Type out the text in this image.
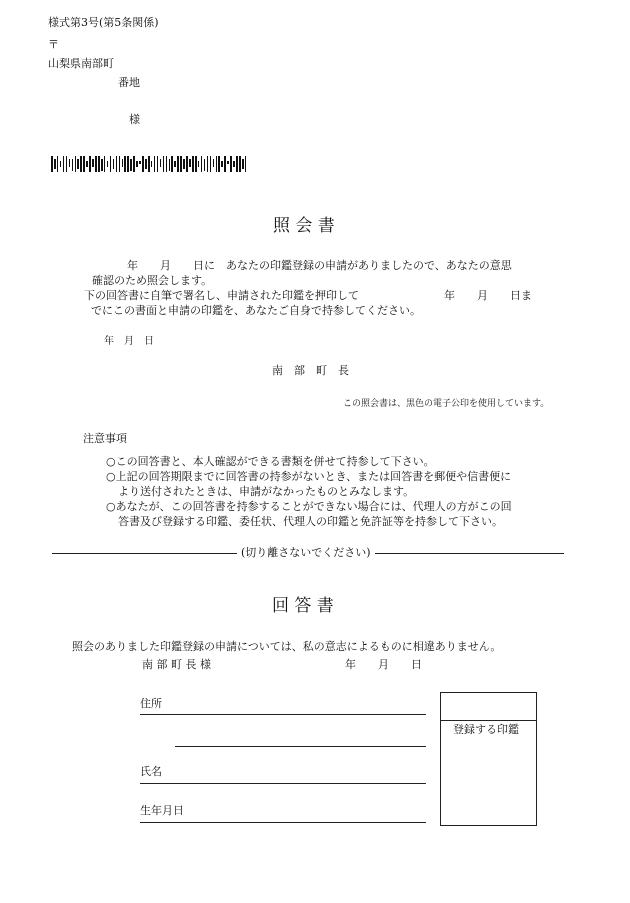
様式第3号(第5条関係)
〒
山梨県南部町
番地
様
照 会 書
年　　月　　日に　あなたの印鑑登録の申請がありましたので、あなたの意思
確認のため照会します。
下の回答書に自筆で署名し、申請された印鑑を押印して	年　　月　　日ま
でにこの書面と申請の印鑑を、あなたご自身で持参してください。
年　月　日
南　部　町　長
この照会書は、黒色の電子公印を使用しています。
注意事項
○この回答書と、本人確認ができる書類を併せて持参して下さい。
○上記の回答期限までに回答書の持参がないとき、または回答書を郵便や信書便に
より送付されたときは、申請がなかったものとみなします。
○あなたが、この回答書を持参することができない場合には、代理人の方がこの回
答書及び登録する印鑑、委任状、代理人の印鑑と免許証等を持参して下さい。
(切り離さないでください)
回 答 書
照会のありました印鑑登録の申請については、私の意志によるものに相違ありません。
南 部 町 長 様	年　　月　　日
住所
氏名
生年月日
登録する印鑑
